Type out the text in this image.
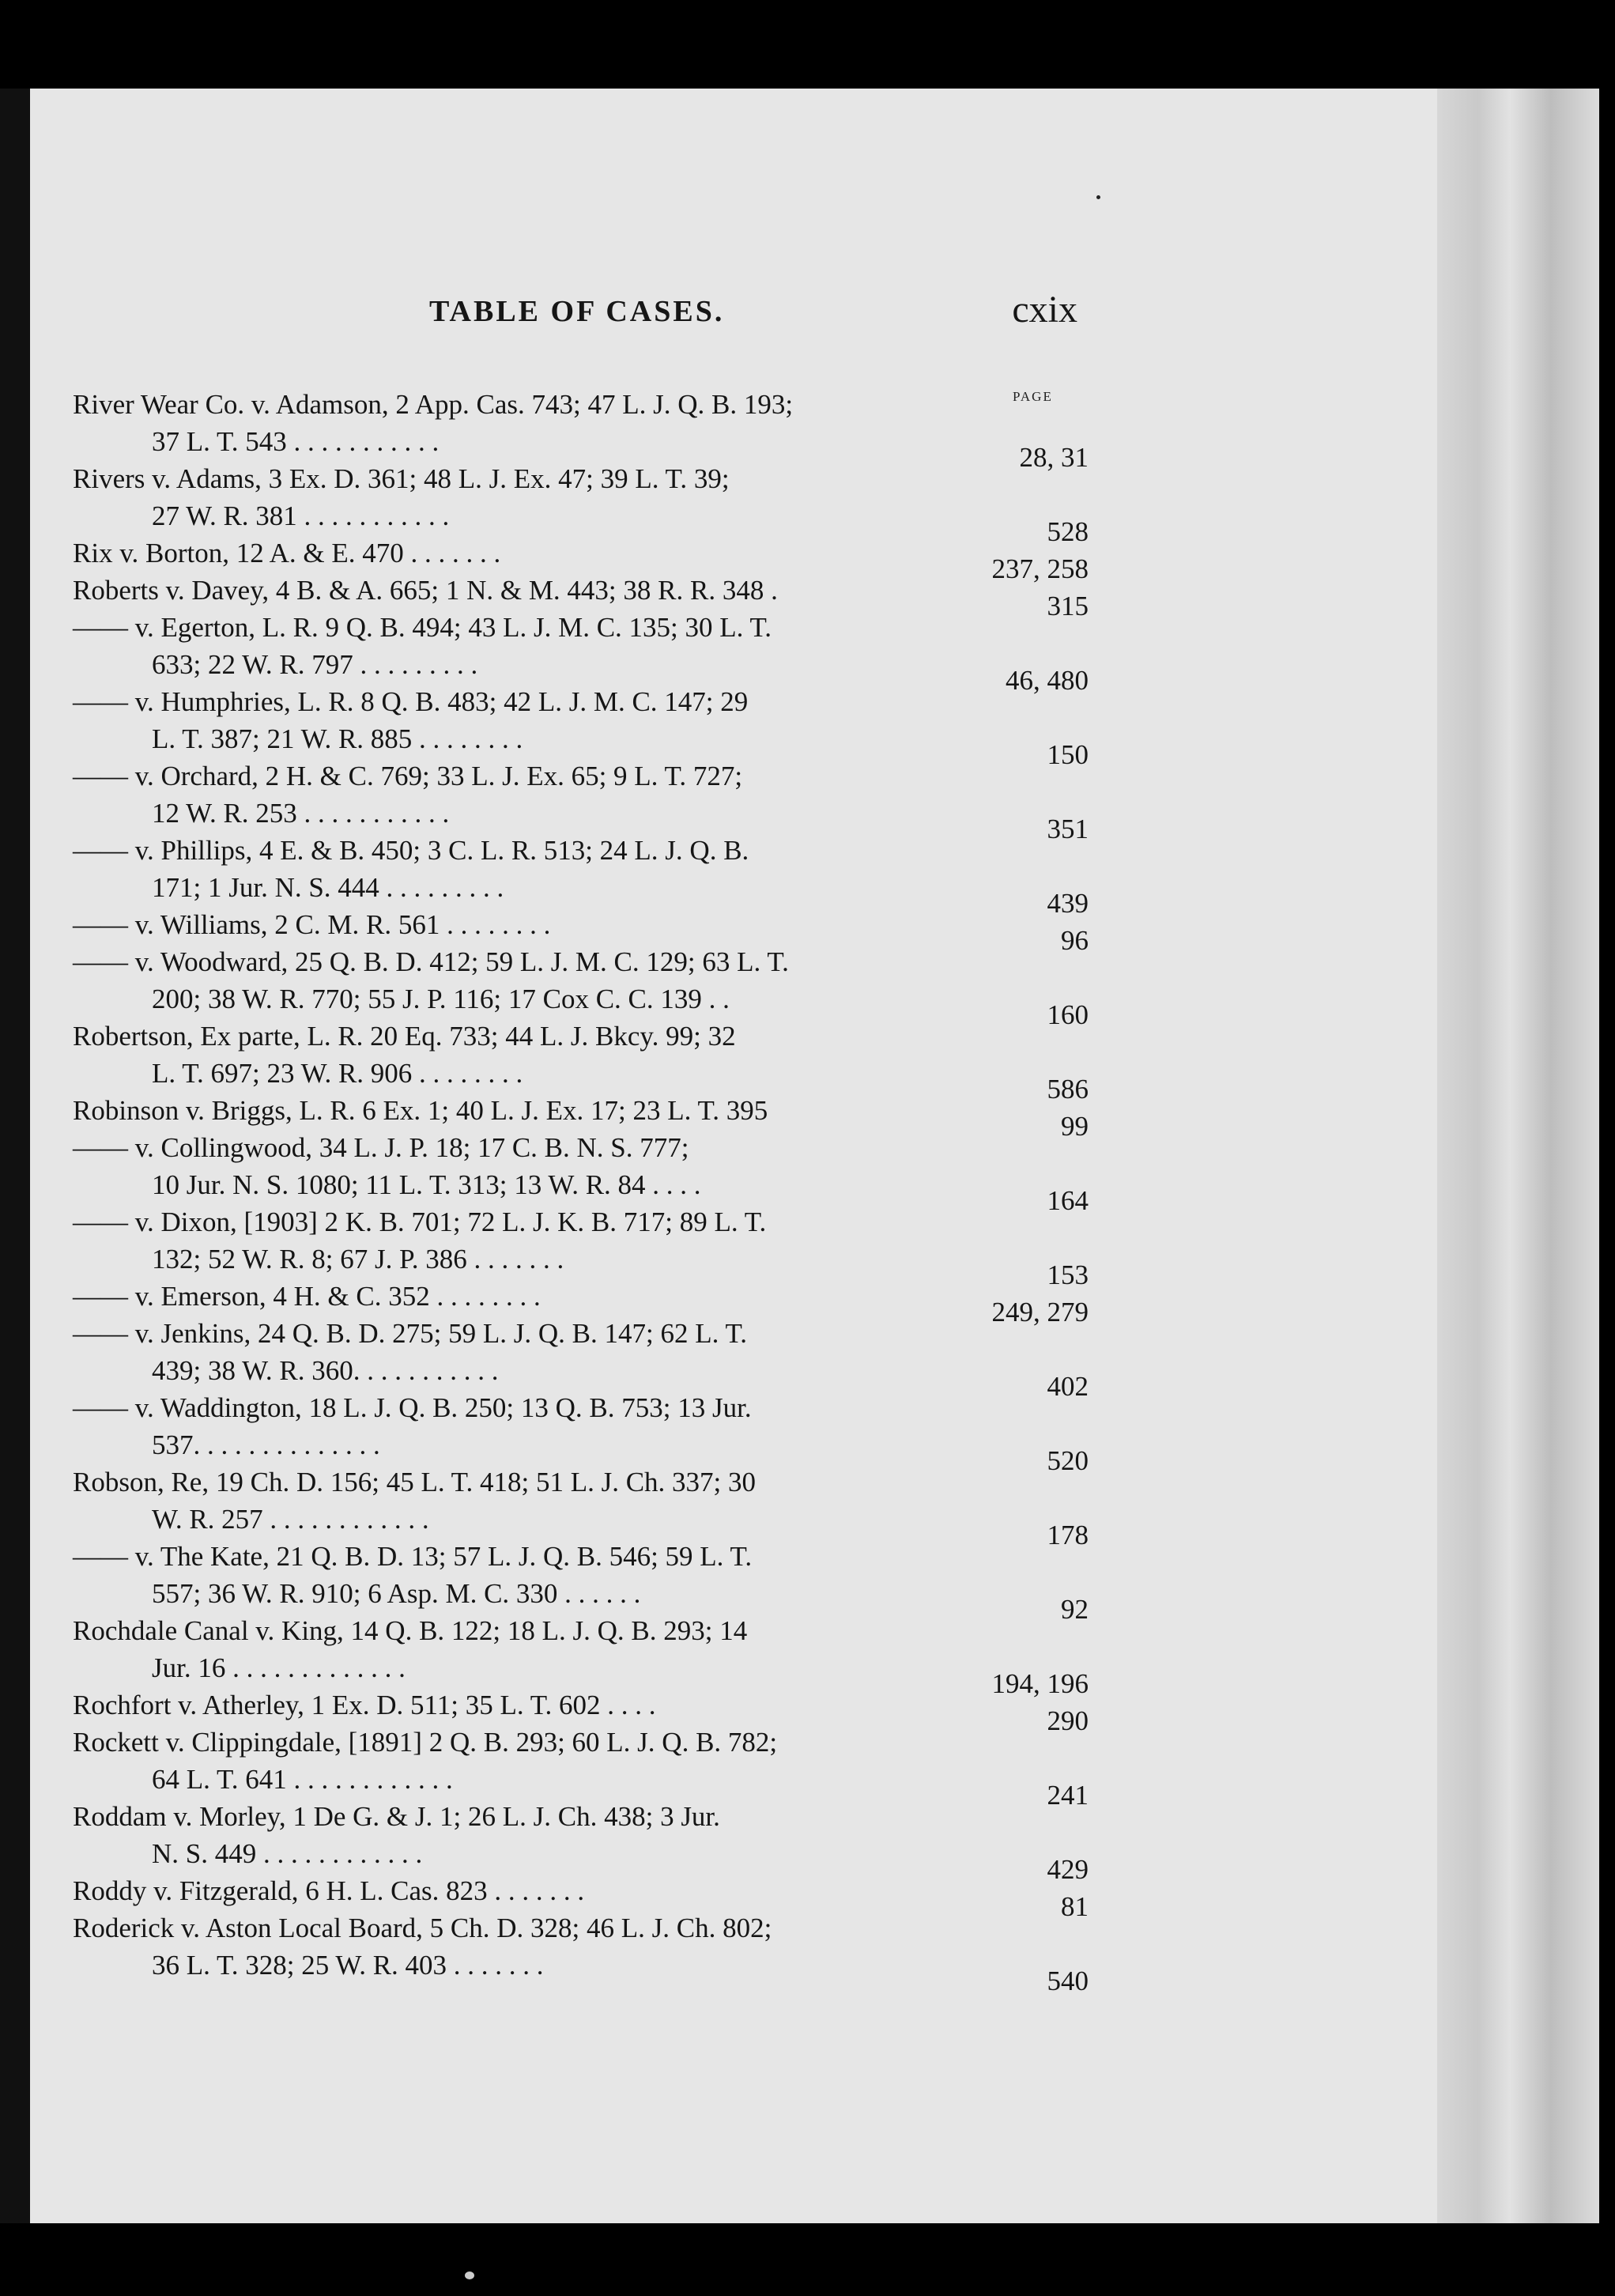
TABLE OF CASES.	cxix
PAGE
River Wear Co. v. Adamson, 2 App. Cas. 743; 47 L. J. Q. B. 193;
37 L. T. 543 . . . . . . . . . . .
28, 31
Rivers v. Adams, 3 Ex. D. 361; 48 L. J. Ex. 47; 39 L. T. 39;
27 W. R. 381 . . . . . . . . . . .
528
Rix v. Borton, 12 A. & E. 470 . . . . . . .
237, 258
Roberts v. Davey, 4 B. & A. 665; 1 N. & M. 443; 38 R. R. 348 .
315
—— v. Egerton, L. R. 9 Q. B. 494; 43 L. J. M. C. 135; 30 L. T.
633; 22 W. R. 797 . . . . . . . . .
46, 480
—— v. Humphries, L. R. 8 Q. B. 483; 42 L. J. M. C. 147; 29
L. T. 387; 21 W. R. 885 . . . . . . . .
150
—— v. Orchard, 2 H. & C. 769; 33 L. J. Ex. 65; 9 L. T. 727;
12 W. R. 253 . . . . . . . . . . .
351
—— v. Phillips, 4 E. & B. 450; 3 C. L. R. 513; 24 L. J. Q. B.
171; 1 Jur. N. S. 444 . . . . . . . . .
439
—— v. Williams, 2 C. M. R. 561 . . . . . . . .
96
—— v. Woodward, 25 Q. B. D. 412; 59 L. J. M. C. 129; 63 L. T.
200; 38 W. R. 770; 55 J. P. 116; 17 Cox C. C. 139 . .
160
Robertson, Ex parte, L. R. 20 Eq. 733; 44 L. J. Bkcy. 99; 32
L. T. 697; 23 W. R. 906 . . . . . . . .
586
Robinson v. Briggs, L. R. 6 Ex. 1; 40 L. J. Ex. 17; 23 L. T. 395
99
—— v. Collingwood, 34 L. J. P. 18; 17 C. B. N. S. 777;
10 Jur. N. S. 1080; 11 L. T. 313; 13 W. R. 84 . . . .
164
—— v. Dixon, [1903] 2 K. B. 701; 72 L. J. K. B. 717; 89 L. T.
132; 52 W. R. 8; 67 J. P. 386 . . . . . . .
153
—— v. Emerson, 4 H. & C. 352 . . . . . . . .
249, 279
—— v. Jenkins, 24 Q. B. D. 275; 59 L. J. Q. B. 147; 62 L. T.
439; 38 W. R. 360. . . . . . . . . . .
402
—— v. Waddington, 18 L. J. Q. B. 250; 13 Q. B. 753; 13 Jur.
537. . . . . . . . . . . . . .
520
Robson, Re, 19 Ch. D. 156; 45 L. T. 418; 51 L. J. Ch. 337; 30
W. R. 257 . . . . . . . . . . . .
178
—— v. The Kate, 21 Q. B. D. 13; 57 L. J. Q. B. 546; 59 L. T.
557; 36 W. R. 910; 6 Asp. M. C. 330 . . . . . .
92
Rochdale Canal v. King, 14 Q. B. 122; 18 L. J. Q. B. 293; 14
Jur. 16 . . . . . . . . . . . . .
194, 196
Rochfort v. Atherley, 1 Ex. D. 511; 35 L. T. 602 . . . .
290
Rockett v. Clippingdale, [1891] 2 Q. B. 293; 60 L. J. Q. B. 782;
64 L. T. 641 . . . . . . . . . . . .
241
Roddam v. Morley, 1 De G. & J. 1; 26 L. J. Ch. 438; 3 Jur.
N. S. 449 . . . . . . . . . . . .
429
Roddy v. Fitzgerald, 6 H. L. Cas. 823 . . . . . . .
81
Roderick v. Aston Local Board, 5 Ch. D. 328; 46 L. J. Ch. 802;
36 L. T. 328; 25 W. R. 403 . . . . . . .
540
